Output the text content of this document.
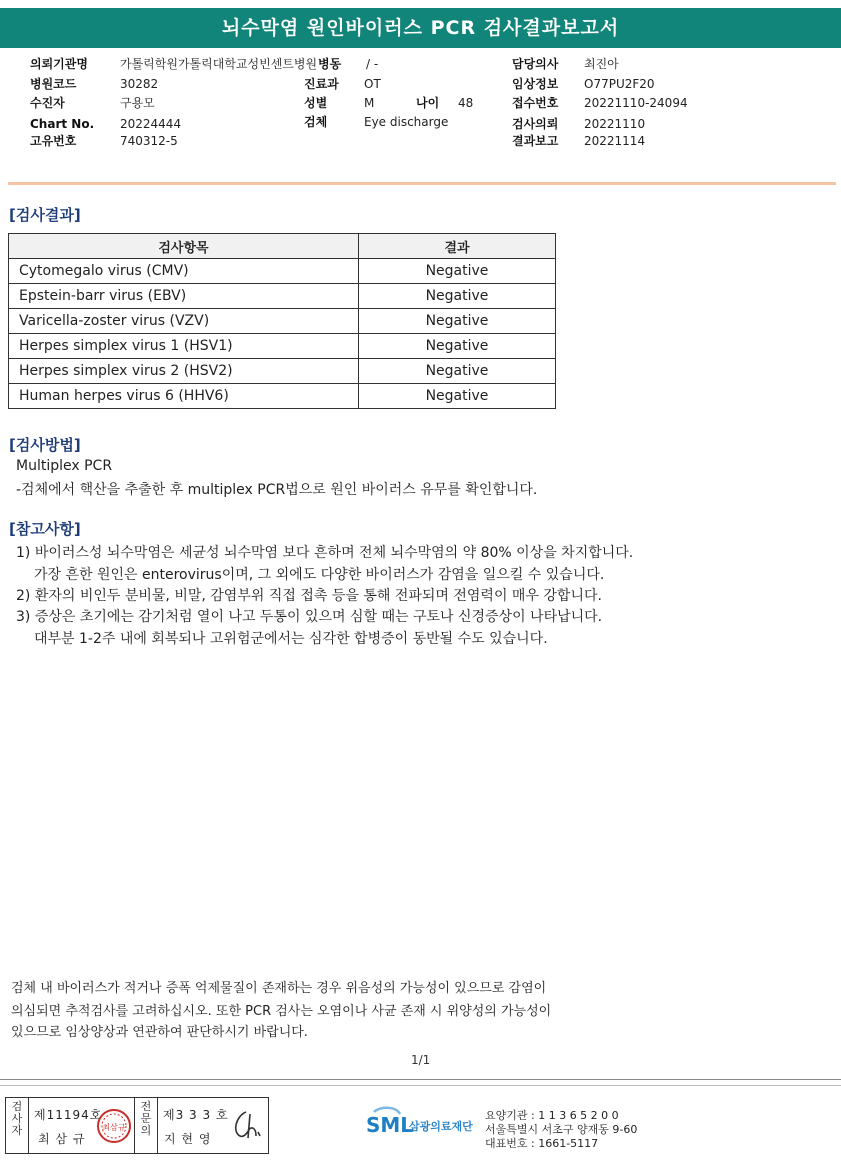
뇌수막염 원인바이러스 PCR 검사결과보고서
의뢰기관명	가톨릭학원가톨릭대학교성빈센트병원 병동 / -	담당의사 최진아
병원코드	30282	진료과 OT	임상정보 O77PU2F20
수진자	구용모	성별	M	나이 48	접수번호 20221110-24094
Chart No. 20224444	검체	Eye discharge	검사의뢰 20221110
고유번호	740312-5	결과보고 20221114
[검사결과]
검사항목	결과
Cytomegalo virus (CMV)	Negative
Epstein-barr virus (EBV)	Negative
Varicella-zoster virus (VZV)	Negative
Herpes simplex virus 1 (HSV1)	Negative
Herpes simplex virus 2 (HSV2)	Negative
Human herpes virus 6 (HHV6)	Negative
[검사방법]
Multiplex PCR
-검체에서 핵산을 추출한 후 multiplex PCR법으로 원인 바이러스 유무를 확인합니다.
[참고사항]
1) 바이러스성 뇌수막염은 세균성 뇌수막염 보다 흔하며 전체 뇌수막염의 약 80% 이상을 차지합니다.
가장 흔한 원인은 enterovirus이며, 그 외에도 다양한 바이러스가 감염을 일으킬 수 있습니다.
2) 환자의 비인두 분비물, 비말, 감염부위 직접 접촉 등을 통해 전파되며 전염력이 매우 강합니다.
3) 증상은 초기에는 감기처럼 열이 나고 두통이 있으며 심할 때는 구토나 신경증상이 나타납니다.
대부분 1-2주 내에 회복되나 고위험군에서는 심각한 합병증이 동반될 수도 있습니다.
검체 내 바이러스가 적거나 증폭 억제물질이 존재하는 경우 위음성의 가능성이 있으므로 감염이
의심되면 추적검사를 고려하십시오. 또한 PCR 검사는 오염이나 사균 존재 시 위양성의 가능성이
있으므로 임상양상과 연관하여 판단하시기 바랍니다.
1/1
검사자
제11194호
최 삼 규
최삼규
전문의
제3 3 3 호
지 현 영
SML
삼광의료재단
요양기관 : 1 1 3 6 5 2 0 0
서울특별시 서초구 양재동 9-60
대표번호 : 1661-5117
